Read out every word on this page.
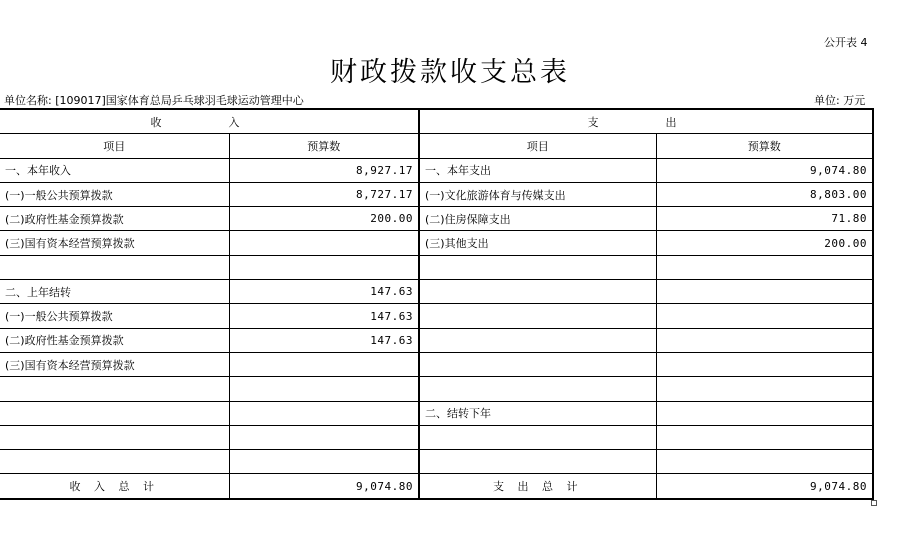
公开表 4
财政拨款收支总表
单位名称: [109017]国家体育总局乒乓球羽毛球运动管理中心	单位: 万元
收　入		支　出	
项目	预算数	项目	预算数
一、本年收入	8,927.17	一、本年支出	9,074.80
(一)一般公共预算拨款	8,727.17	(一)文化旅游体育与传媒支出	8,803.00
(二)政府性基金预算拨款	200.00	(二)住房保障支出	71.80
(三)国有资本经营预算拨款		(三)其他支出	200.00

二、上年结转	147.63		
(一)一般公共预算拨款	147.63		
(二)政府性基金预算拨款	147.63		
(三)国有资本经营预算拨款			

		二、结转下年	

收 入 总 计	9,074.80	支 出 总 计	9,074.80
